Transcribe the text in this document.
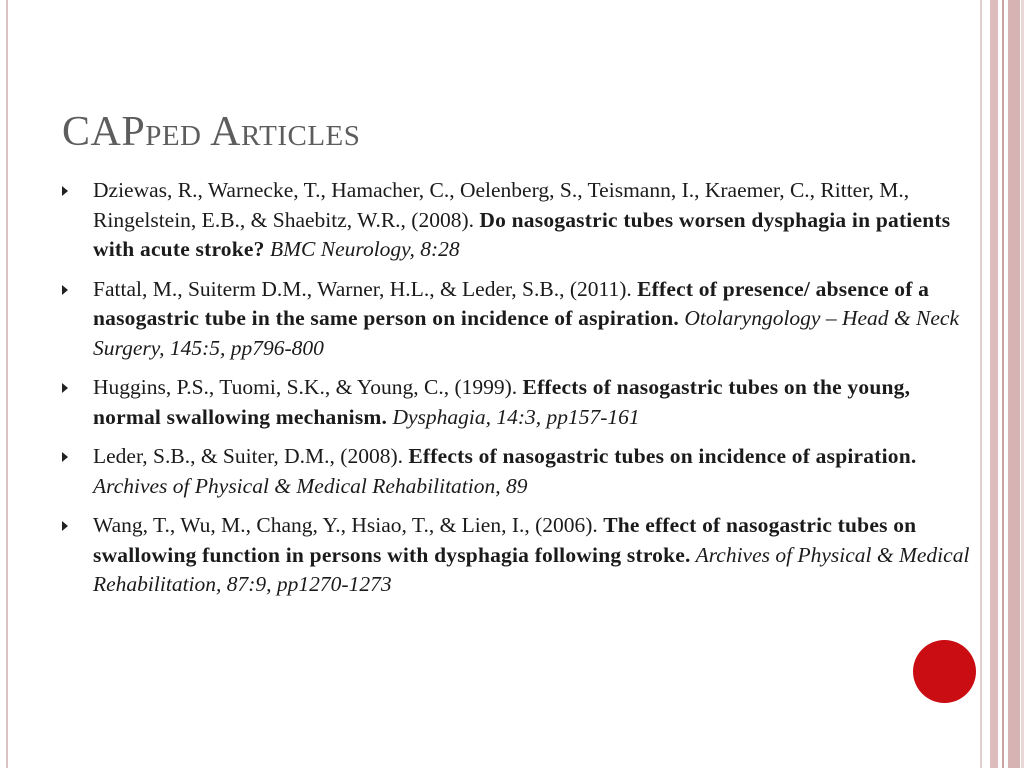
CAPped Articles
Dziewas, R., Warnecke, T., Hamacher, C., Oelenberg, S., Teismann, I., Kraemer, C., Ritter, M., Ringelstein, E.B., & Shaebitz, W.R., (2008). Do nasogastric tubes worsen dysphagia in patients with acute stroke? BMC Neurology, 8:28
Fattal, M., Suiterm D.M., Warner, H.L., & Leder, S.B., (2011). Effect of presence/ absence of a nasogastric tube in the same person on incidence of aspiration. Otolaryngology – Head & Neck Surgery, 145:5, pp796-800
Huggins, P.S., Tuomi, S.K., & Young, C., (1999). Effects of nasogastric tubes on the young, normal swallowing mechanism. Dysphagia, 14:3, pp157-161
Leder, S.B., & Suiter, D.M., (2008). Effects of nasogastric tubes on incidence of aspiration. Archives of Physical & Medical Rehabilitation, 89
Wang, T., Wu, M., Chang, Y., Hsiao, T., & Lien, I., (2006). The effect of nasogastric tubes on swallowing function in persons with dysphagia following stroke. Archives of Physical & Medical Rehabilitation, 87:9, pp1270-1273
